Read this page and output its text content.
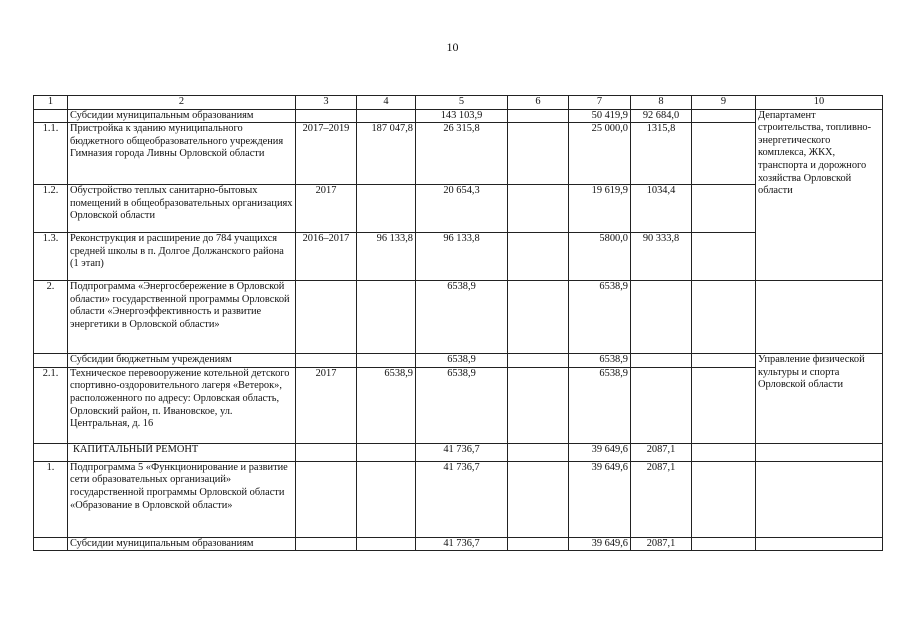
10
1	2	3	4	5	6	7	8	9	10
	Субсидии муниципальным образованиям			143 103,9		50 419,9	92 684,0		Департамент строительства, топливно-энергетического комплекса, ЖКХ, транспорта и дорожного хозяйства Орловской области
1.1.	Пристройка к зданию муниципального бюджетного общеобразовательного учреждения Гимназия города Ливны Орловской области	2017–2019	187 047,8	26 315,8		25 000,0	1315,8		
1.2.	Обустройство теплых санитарно-бытовых помещений в общеобразовательных организациях Орловской области	2017		20 654,3		19 619,9	1034,4		
1.3.	Реконструкция и расширение до 784 учащихся средней школы в п. Долгое Должанского района (1 этап)	2016–2017	96 133,8	96 133,8		5800,0	90 333,8		
2.	Подпрограмма «Энергосбережение в Орловской области» государственной программы Орловской области «Энергоэффективность и развитие энергетики в Орловской области»			6538,9		6538,9			
	Субсидии бюджетным учреждениям			6538,9		6538,9			Управление физической культуры и спорта Орловской области
2.1.	Техническое перевооружение котельной детского спортивно-оздоровительного лагеря «Ветерок», расположенного по адресу: Орловская область, Орловский район, п. Ивановское, ул. Центральная, д. 16	2017	6538,9	6538,9		6538,9			
	КАПИТАЛЬНЫЙ РЕМОНТ			41 736,7		39 649,6	2087,1		
1.	Подпрограмма 5 «Функционирование и развитие сети образовательных организаций» государственной программы Орловской области «Образование в Орловской области»			41 736,7		39 649,6	2087,1		
	Субсидии муниципальным образованиям			41 736,7		39 649,6	2087,1		
